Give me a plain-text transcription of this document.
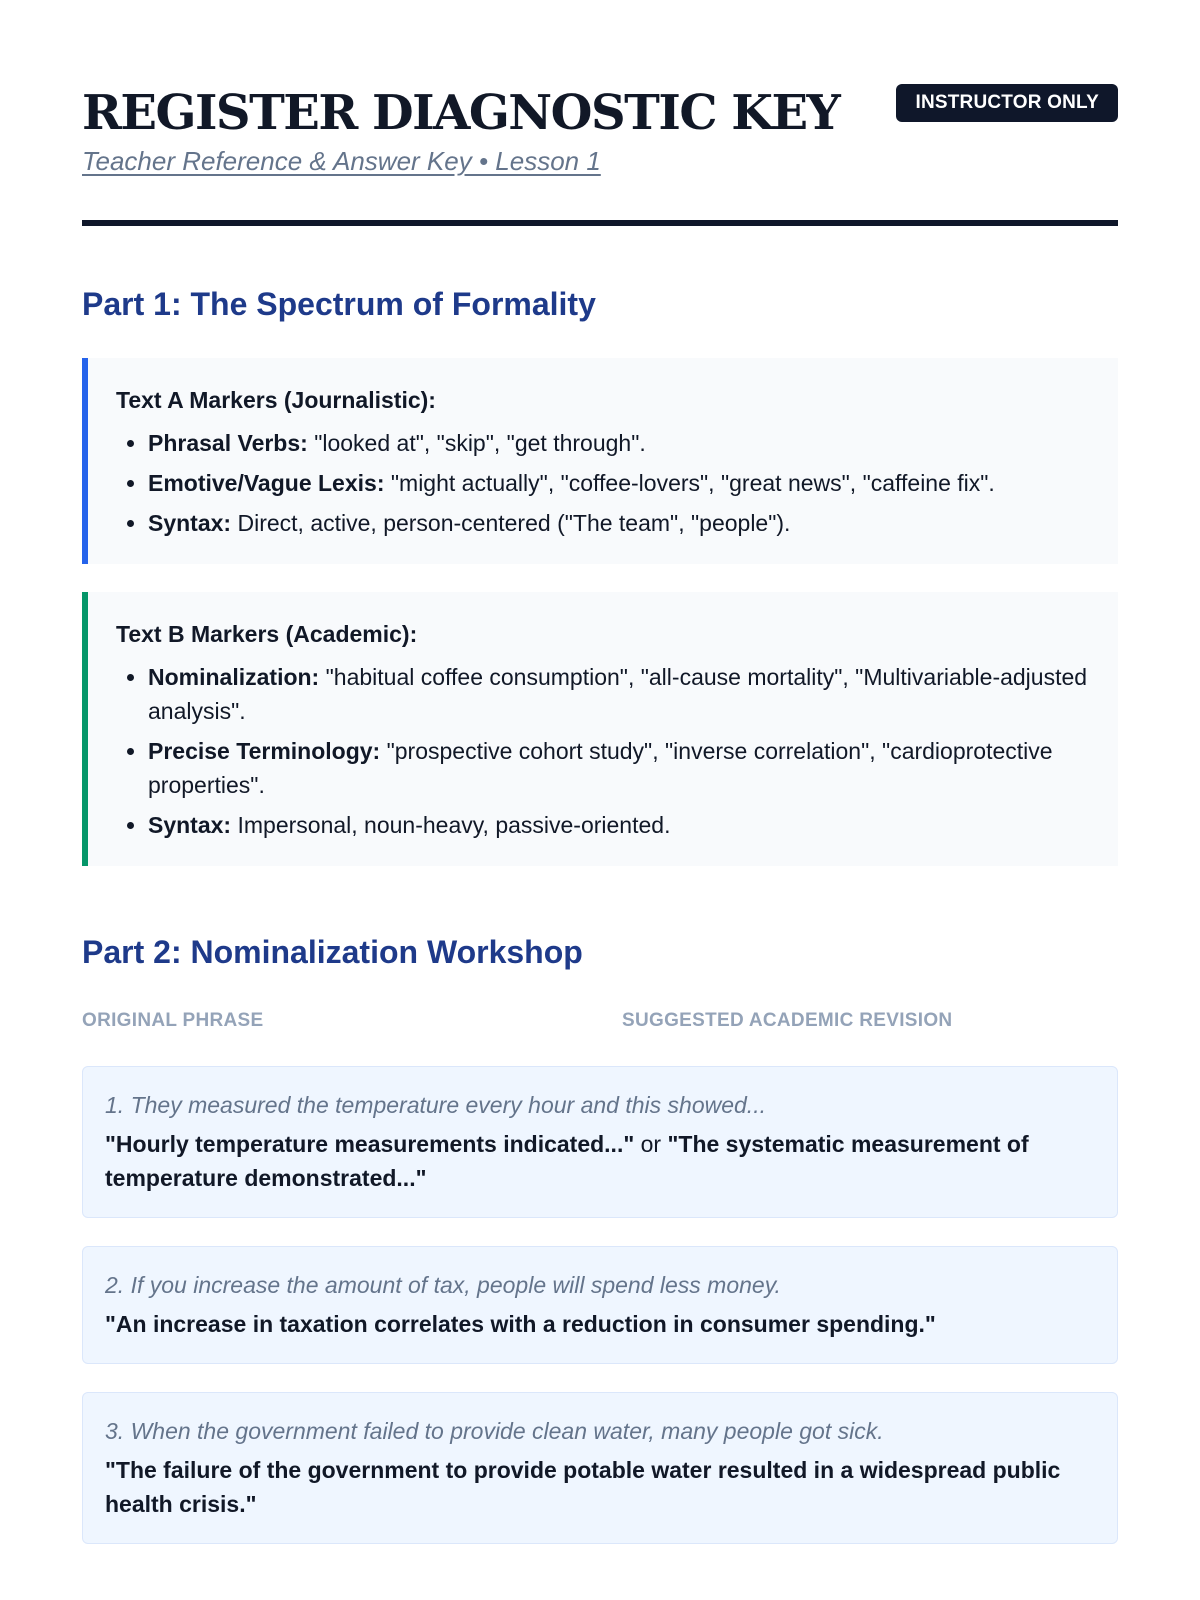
REGISTER DIAGNOSTIC KEY
Teacher Reference & Answer Key • Lesson 1
INSTRUCTOR ONLY
Part 1: The Spectrum of Formality
Text A Markers (Journalistic):
• Phrasal Verbs: "looked at", "skip", "get through".
• Emotive/Vague Lexis: "might actually", "coffee-lovers", "great news", "caffeine fix".
• Syntax: Direct, active, person-centered ("The team", "people").
Text B Markers (Academic):
• Nominalization: "habitual coffee consumption", "all-cause mortality", "Multivariable-adjusted analysis".
• Precise Terminology: "prospective cohort study", "inverse correlation", "cardioprotective properties".
• Syntax: Impersonal, noun-heavy, passive-oriented.
Part 2: Nominalization Workshop
ORIGINAL PHRASE	SUGGESTED ACADEMIC REVISION
1. They measured the temperature every hour and this showed...
"Hourly temperature measurements indicated..." or "The systematic measurement of temperature demonstrated..."
2. If you increase the amount of tax, people will spend less money.
"An increase in taxation correlates with a reduction in consumer spending."
3. When the government failed to provide clean water, many people got sick.
"The failure of the government to provide potable water resulted in a widespread public health crisis."
